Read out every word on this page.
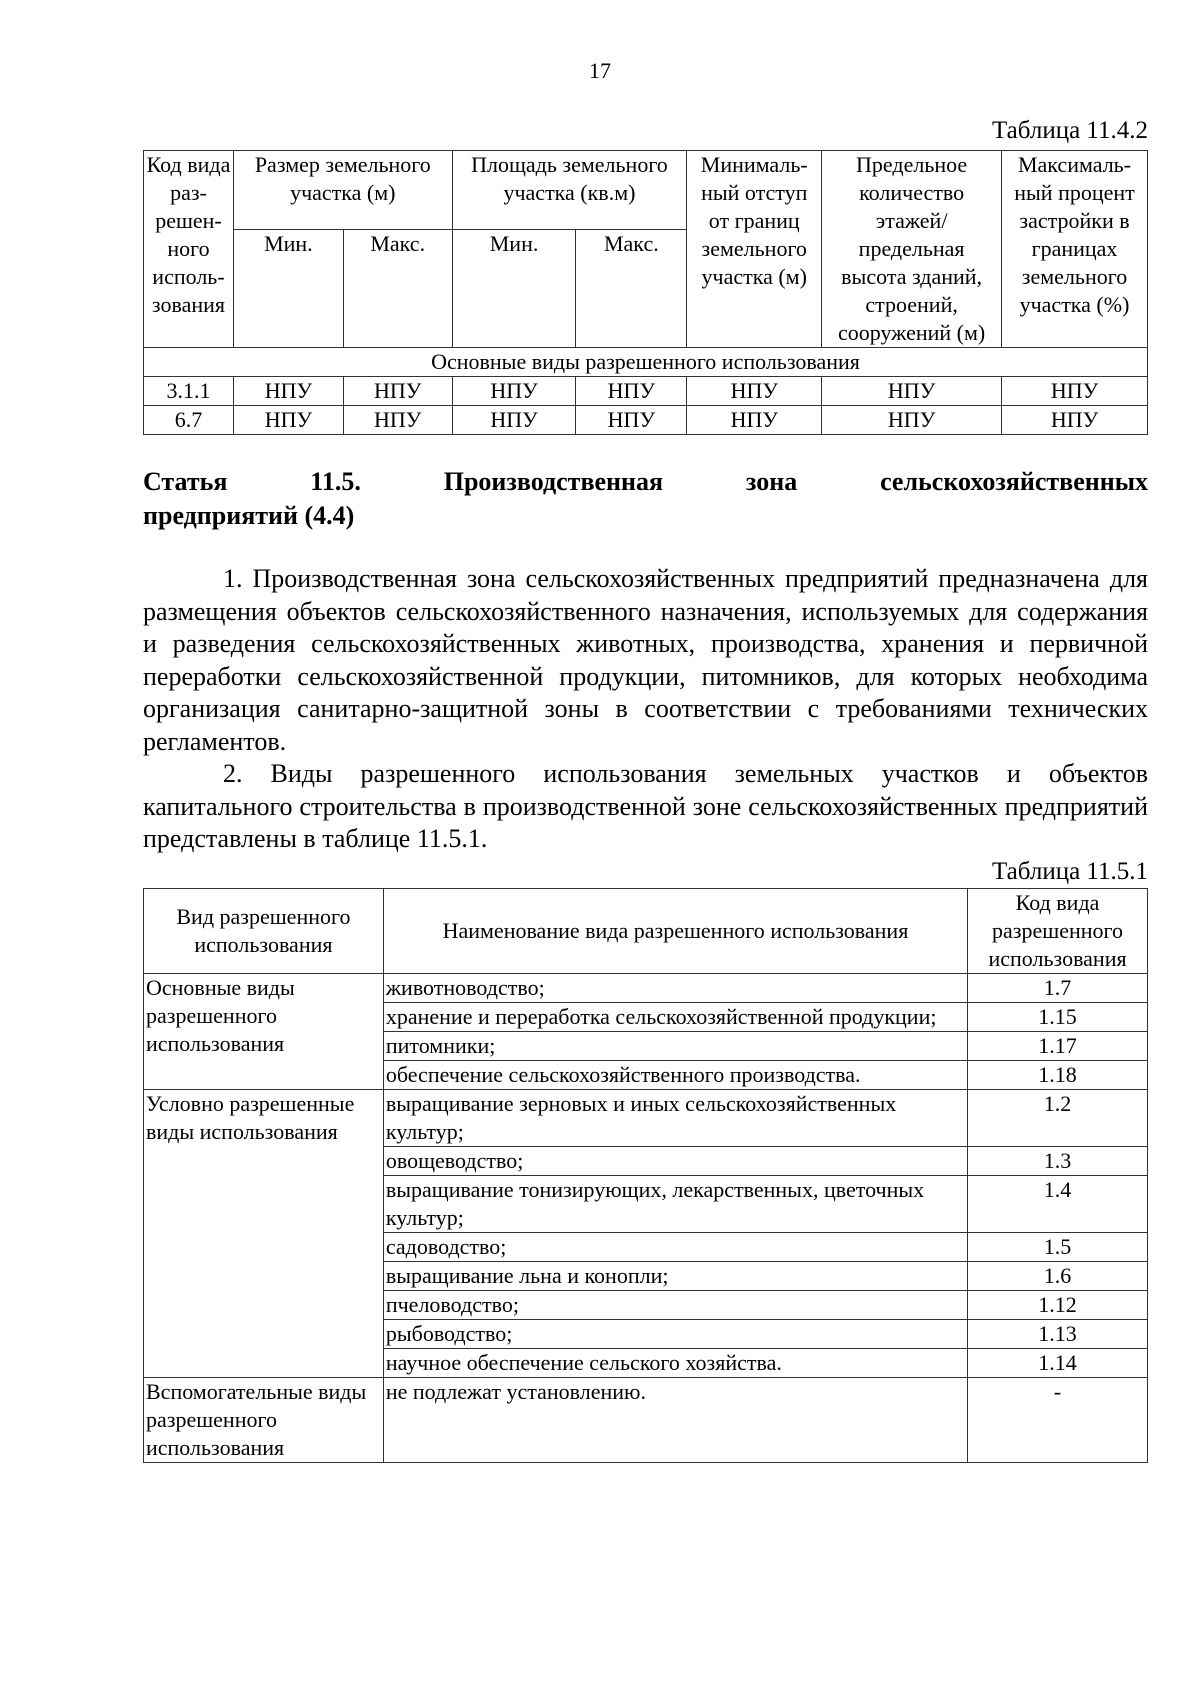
17
Таблица 11.4.2
Код вида раз-решен-ного исполь-зования	Размер земельного участка (м)		Площадь земельного участка (кв.м)		Минималь-ный отступ от границ земельного участка (м)	Предельное количество этажей/ предельная высота зданий, строений, сооружений (м)	Максималь-ный процент застройки в границах земельного участка (%)
	Мин.	Макс.	Мин.	Макс.			
Основные виды разрешенного использования							
3.1.1	НПУ	НПУ	НПУ	НПУ	НПУ	НПУ	НПУ
6.7	НПУ	НПУ	НПУ	НПУ	НПУ	НПУ	НПУ
Статья 11.5. Производственная зона сельскохозяйственных
предприятий (4.4)

1. Производственная зона сельскохозяйственных предприятий предназначена для размещения объектов сельскохозяйственного назначения, используемых для содержания и разведения сельскохозяйственных животных, производства, хранения и первичной переработки сельскохозяйственной продукции, питомников, для которых необходима организация санитарно-защитной зоны в соответствии с требованиями технических регламентов.

2. Виды разрешенного использования земельных участков и объектов капитального строительства в производственной зоне сельскохозяйственных предприятий представлены в таблице 11.5.1.

Таблица 11.5.1
Вид разрешенного использования	Наименование вида разрешенного использования	Код вида разрешенного использования
Основные виды разрешенного использования	животноводство;	1.7
	хранение и переработка сельскохозяйственной продукции;	1.15
	питомники;	1.17
	обеспечение сельскохозяйственного производства.	1.18
Условно разрешенные виды использования	выращивание зерновых и иных сельскохозяйственных культур;	1.2
	овощеводство;	1.3
	выращивание тонизирующих, лекарственных, цветочных культур;	1.4
	садоводство;	1.5
	выращивание льна и конопли;	1.6
	пчеловодство;	1.12
	рыбоводство;	1.13
	научное обеспечение сельского хозяйства.	1.14
Вспомогательные виды разрешенного использования	не подлежат установлению.	-
